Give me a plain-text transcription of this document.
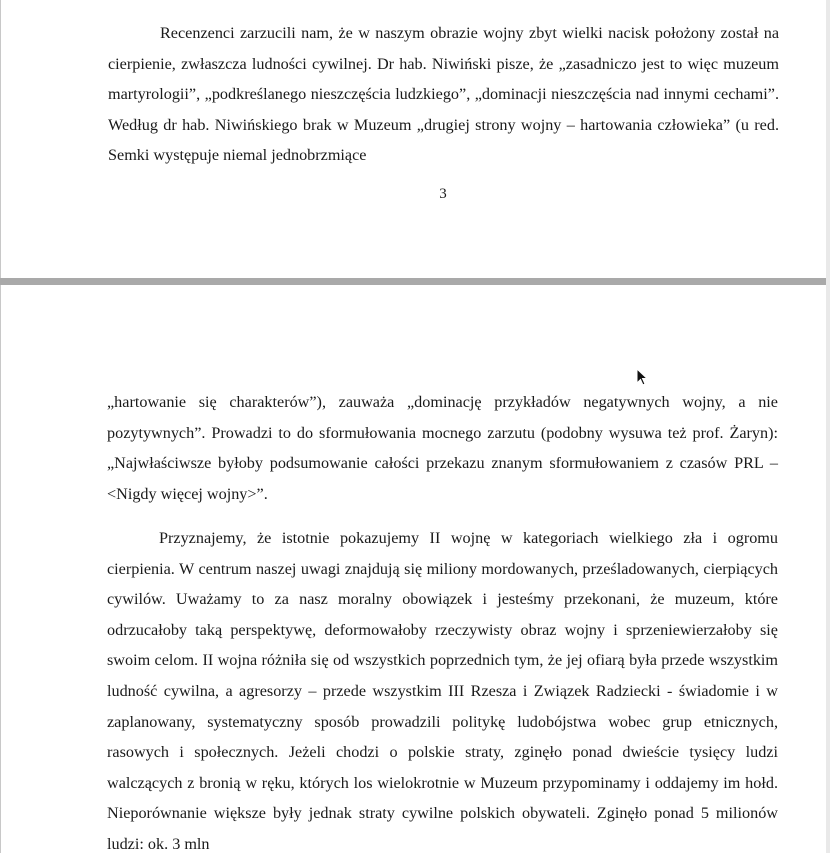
Recenzenci zarzucili nam, że w naszym obrazie wojny zbyt wielki nacisk położony został na cierpienie, zwłaszcza ludności cywilnej. Dr hab. Niwiński pisze, że „zasadniczo jest to więc muzeum martyrologii”, „podkreślanego nieszczęścia ludzkiego”, „dominacji nieszczęścia nad innymi cechami”. Według dr hab. Niwińskiego brak w Muzeum „drugiej strony wojny – hartowania człowieka” (u red. Semki występuje niemal jednobrzmiące

3

„hartowanie się charakterów”), zauważa „dominację przykładów negatywnych wojny, a nie pozytywnych”. Prowadzi to do sformułowania mocnego zarzutu (podobny wysuwa też prof. Żaryn): „Najwłaściwsze byłoby podsumowanie całości przekazu znanym sformułowaniem z czasów PRL – <Nigdy więcej wojny>”.

Przyznajemy, że istotnie pokazujemy II wojnę w kategoriach wielkiego zła i ogromu cierpienia. W centrum naszej uwagi znajdują się miliony mordowanych, prześladowanych, cierpiących cywilów. Uważamy to za nasz moralny obowiązek i jesteśmy przekonani, że muzeum, które odrzucałoby taką perspektywę, deformowałoby rzeczywisty obraz wojny i sprzeniewierzałoby się swoim celom. II wojna różniła się od wszystkich poprzednich tym, że jej ofiarą była przede wszystkim ludność cywilna, a agresorzy – przede wszystkim III Rzesza i Związek Radziecki - świadomie i w zaplanowany, systematyczny sposób prowadzili politykę ludobójstwa wobec grup etnicznych, rasowych i społecznych. Jeżeli chodzi o polskie straty, zginęło ponad dwieście tysięcy ludzi walczących z bronią w ręku, których los wielokrotnie w Muzeum przypominamy i oddajemy im hołd. Nieporównanie większe były jednak straty cywilne polskich obywateli. Zginęło ponad 5 milionów ludzi: ok. 3 mln
